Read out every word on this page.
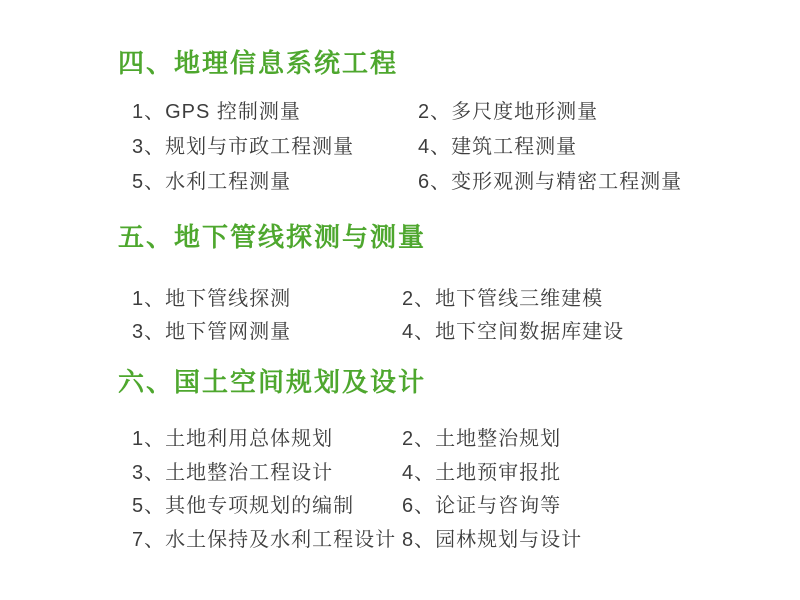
四、地理信息系统工程
1、GPS 控制测量	2、多尺度地形测量
3、规划与市政工程测量	4、建筑工程测量
5、水利工程测量	6、变形观测与精密工程测量
五、地下管线探测与测量
1、地下管线探测	2、地下管线三维建模
3、地下管网测量	4、地下空间数据库建设
六、国土空间规划及设计
1、土地利用总体规划	2、土地整治规划
3、土地整治工程设计	4、土地预审报批
5、其他专项规划的编制	6、论证与咨询等
7、水土保持及水利工程设计 8、园林规划与设计
